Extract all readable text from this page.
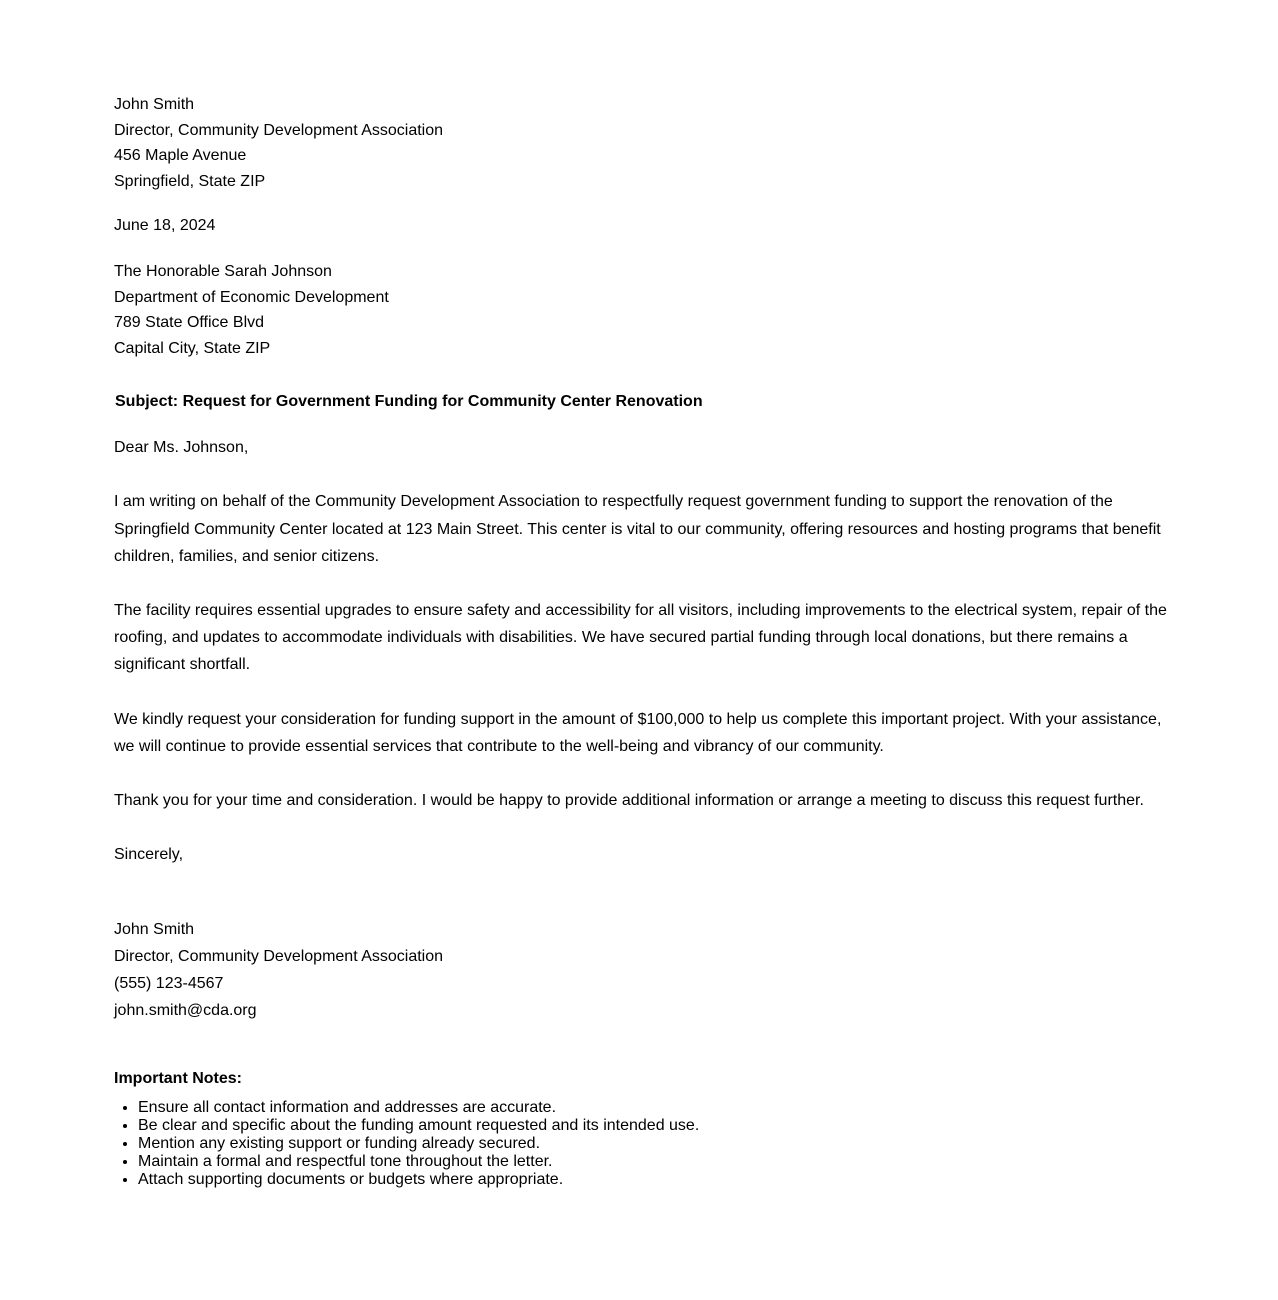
John Smith

Director, Community Development Association

456 Maple Avenue

Springfield, State ZIP

June 18, 2024

The Honorable Sarah Johnson

Department of Economic Development

789 State Office Blvd

Capital City, State ZIP

Subject: Request for Government Funding for Community Center Renovation

Dear Ms. Johnson,

I am writing on behalf of the Community Development Association to respectfully request government funding to support the renovation of the Springfield Community Center located at 123 Main Street. This center is vital to our community, offering resources and hosting programs that benefit children, families, and senior citizens.

The facility requires essential upgrades to ensure safety and accessibility for all visitors, including improvements to the electrical system, repair of the roofing, and updates to accommodate individuals with disabilities. We have secured partial funding through local donations, but there remains a significant shortfall.

We kindly request your consideration for funding support in the amount of $100,000 to help us complete this important project. With your assistance, we will continue to provide essential services that contribute to the well-being and vibrancy of our community.

Thank you for your time and consideration. I would be happy to provide additional information or arrange a meeting to discuss this request further.

Sincerely,

John Smith

Director, Community Development Association

(555) 123-4567

john.smith@cda.org

Important Notes:

• Ensure all contact information and addresses are accurate.
• Be clear and specific about the funding amount requested and its intended use.
• Mention any existing support or funding already secured.
• Maintain a formal and respectful tone throughout the letter.
• Attach supporting documents or budgets where appropriate.
